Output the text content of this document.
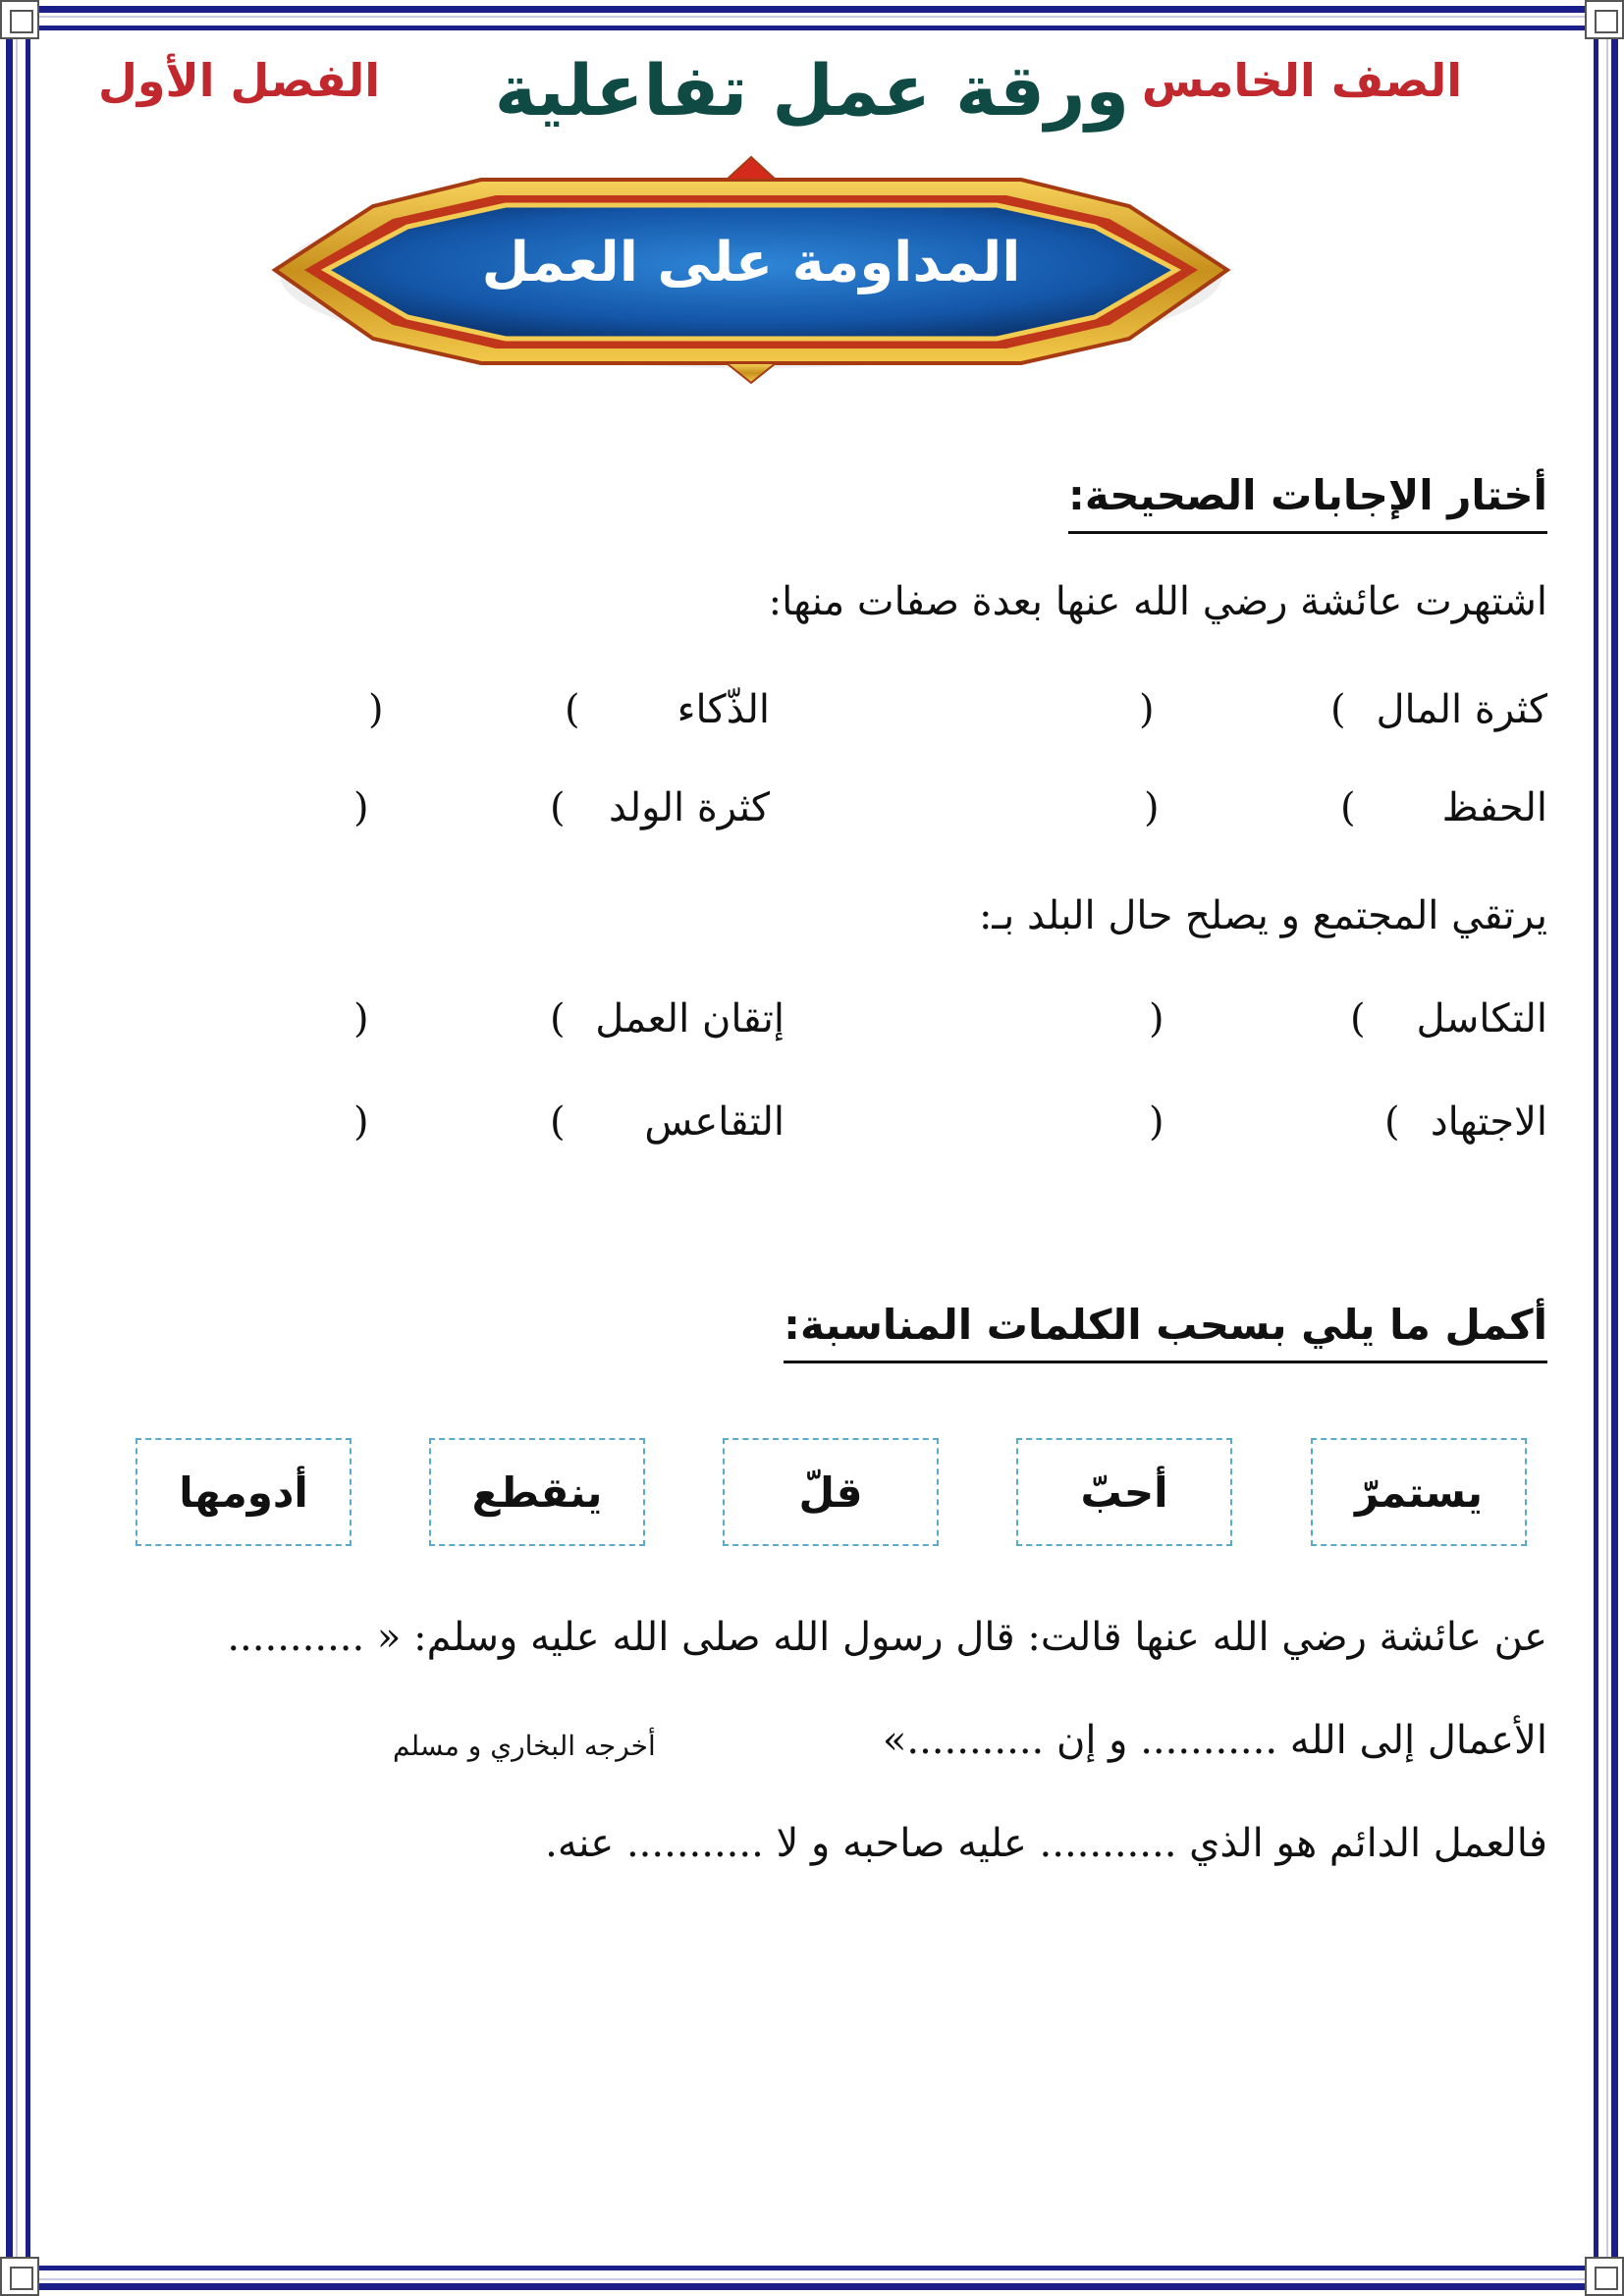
ورقة عمل تفاعلية الصف الخامس
الفصل الأول
المداومة على العمل
أختار الإجابات الصحيحة:
اشتهرت عائشة رضي الله عنها بعدة صفات منها:
كثرة المال
(
)
الذّكاء
(
)
الحفظ
(
)
كثرة الولد
(
)
يرتقي المجتمع و يصلح حال البلد بـ:
التكاسل
(
)
إتقان العمل
(
)
الاجتهاد
(
)
التقاعس
(
)
أكمل ما يلي بسحب الكلمات المناسبة:
يستمرّ
أحبّ
قلّ
ينقطع
أدومها
عن عائشة رضي الله عنها قالت: قال رسول الله صلى الله عليه وسلم: « ...........
الأعمال إلى الله ........... و إن ...........»
أخرجه البخاري و مسلم
فالعمل الدائم هو الذي ........... عليه صاحبه و لا ........... عنه.
